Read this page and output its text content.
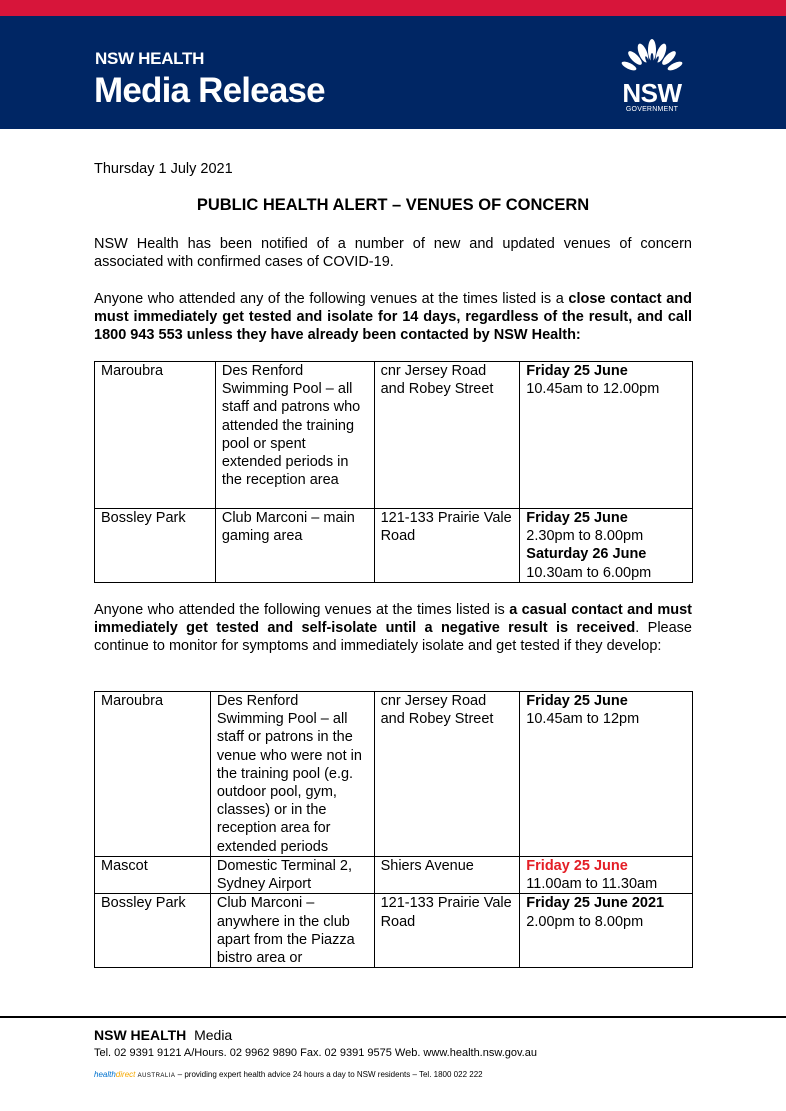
NSW HEALTH
Media Release	NSW
GOVERNMENT
Thursday 1 July 2021
PUBLIC HEALTH ALERT – VENUES OF CONCERN
NSW Health has been notified of a number of new and updated venues of concern associated with confirmed cases of COVID-19.
Anyone who attended any of the following venues at the times listed is a close contact and must immediately get tested and isolate for 14 days, regardless of the result, and call 1800 943 553 unless they have already been contacted by NSW Health:
Maroubra	Des Renford Swimming Pool – all staff and patrons who attended the training pool or spent extended periods in the reception area	cnr Jersey Road and Robey Street	Friday 25 June
10.45am to 12.00pm

Bossley Park	Club Marconi – main gaming area	121-133 Prairie Vale Road	Friday 25 June
2.30pm to 8.00pm
Saturday 26 June
10.30am to 6.00pm
Anyone who attended the following venues at the times listed is a casual contact and must immediately get tested and self-isolate until a negative result is received. Please continue to monitor for symptoms and immediately isolate and get tested if they develop:
Maroubra	Des Renford Swimming Pool – all staff or patrons in the venue who were not in the training pool (e.g. outdoor pool, gym, classes) or in the reception area for extended periods	cnr Jersey Road and Robey Street	Friday 25 June
10.45am to 12pm

Mascot	Domestic Terminal 2, Sydney Airport	Shiers Avenue	Friday 25 June
11.00am to 11.30am

Bossley Park	Club Marconi – anywhere in the club apart from the Piazza bistro area or	121-133 Prairie Vale Road	Friday 25 June 2021
2.00pm to 8.00pm
NSW HEALTH Media
Tel. 02 9391 9121 A/Hours. 02 9962 9890 Fax. 02 9391 9575 Web. www.health.nsw.gov.au
healthdirect AUSTRALIA – providing expert health advice 24 hours a day to NSW residents – Tel. 1800 022 222
